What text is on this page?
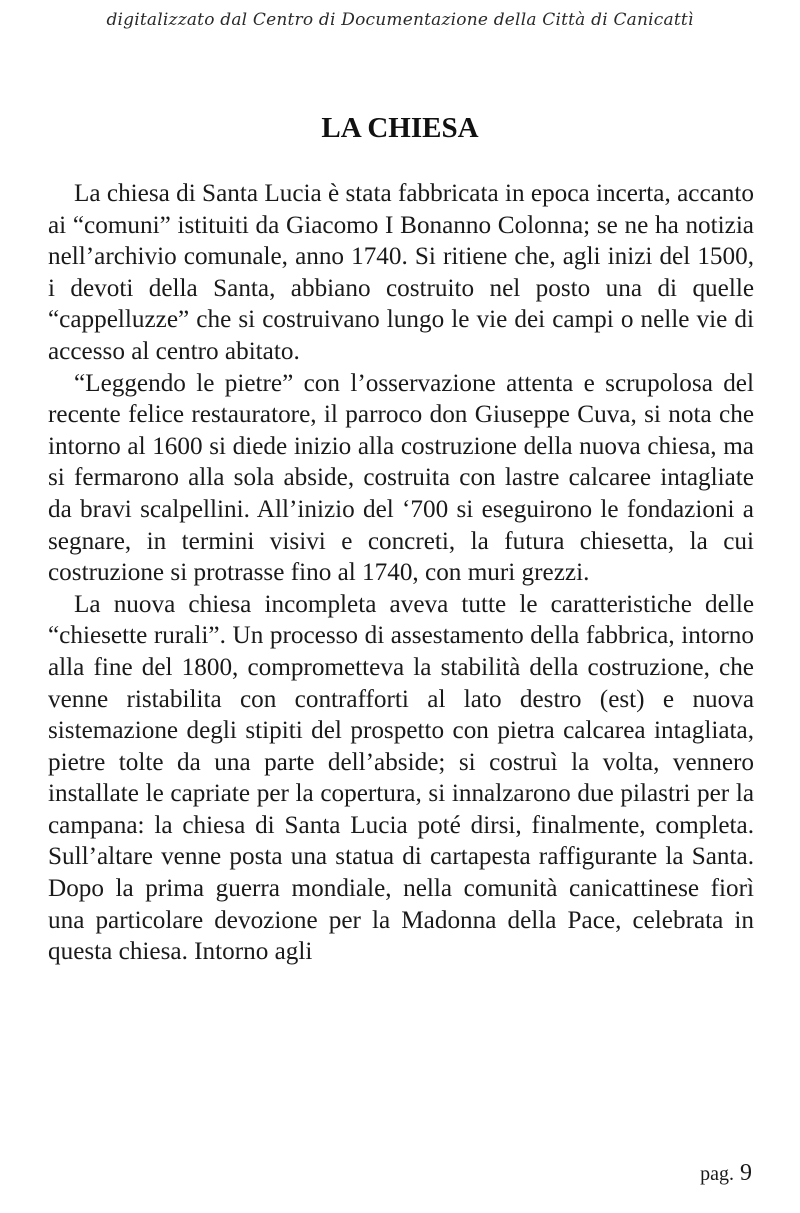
digitalizzato dal Centro di Documentazione della Città di Canicattì
LA CHIESA

La chiesa di Santa Lucia è stata fabbricata in epoca incerta, accanto ai “comuni” istituiti da Giacomo I Bonanno Colonna; se ne ha notizia nell’archivio comunale, anno 1740. Si ritiene che, agli inizi del 1500, i devoti della Santa, abbiano costruito nel posto una di quelle “cappelluzze” che si costruivano lungo le vie dei campi o nelle vie di accesso al centro abitato.

“Leggendo le pietre” con l’osservazione attenta e scrupolosa del recente felice restauratore, il parroco don Giuseppe Cuva, si nota che intorno al 1600 si diede inizio alla costruzione della nuova chiesa, ma si fermarono alla sola abside, costruita con lastre calcaree intagliate da bravi scalpellini. All’inizio del ‘700 si eseguirono le fondazioni a segnare, in termini visivi e concreti, la futura chiesetta, la cui costruzione si protrasse fino al 1740, con muri grezzi.

La nuova chiesa incompleta aveva tutte le caratteristiche delle “chiesette rurali”. Un processo di assestamento della fabbrica, intorno alla fine del 1800, comprometteva la stabilità della costruzione, che venne ristabilita con contrafforti al lato destro (est) e nuova sistemazione degli stipiti del prospetto con pietra calcarea intagliata, pietre tolte da una parte dell’abside; si costruì la volta, vennero installate le capriate per la copertura, si innalzarono due pilastri per la campana: la chiesa di Santa Lucia poté dirsi, finalmente, completa. Sull’altare venne posta una statua di cartapesta raffigurante la Santa. Dopo la prima guerra mondiale, nella comunità canicattinese fiorì una particolare devozione per la Madonna della Pace, celebrata in questa chiesa. Intorno agli

pag. 9
